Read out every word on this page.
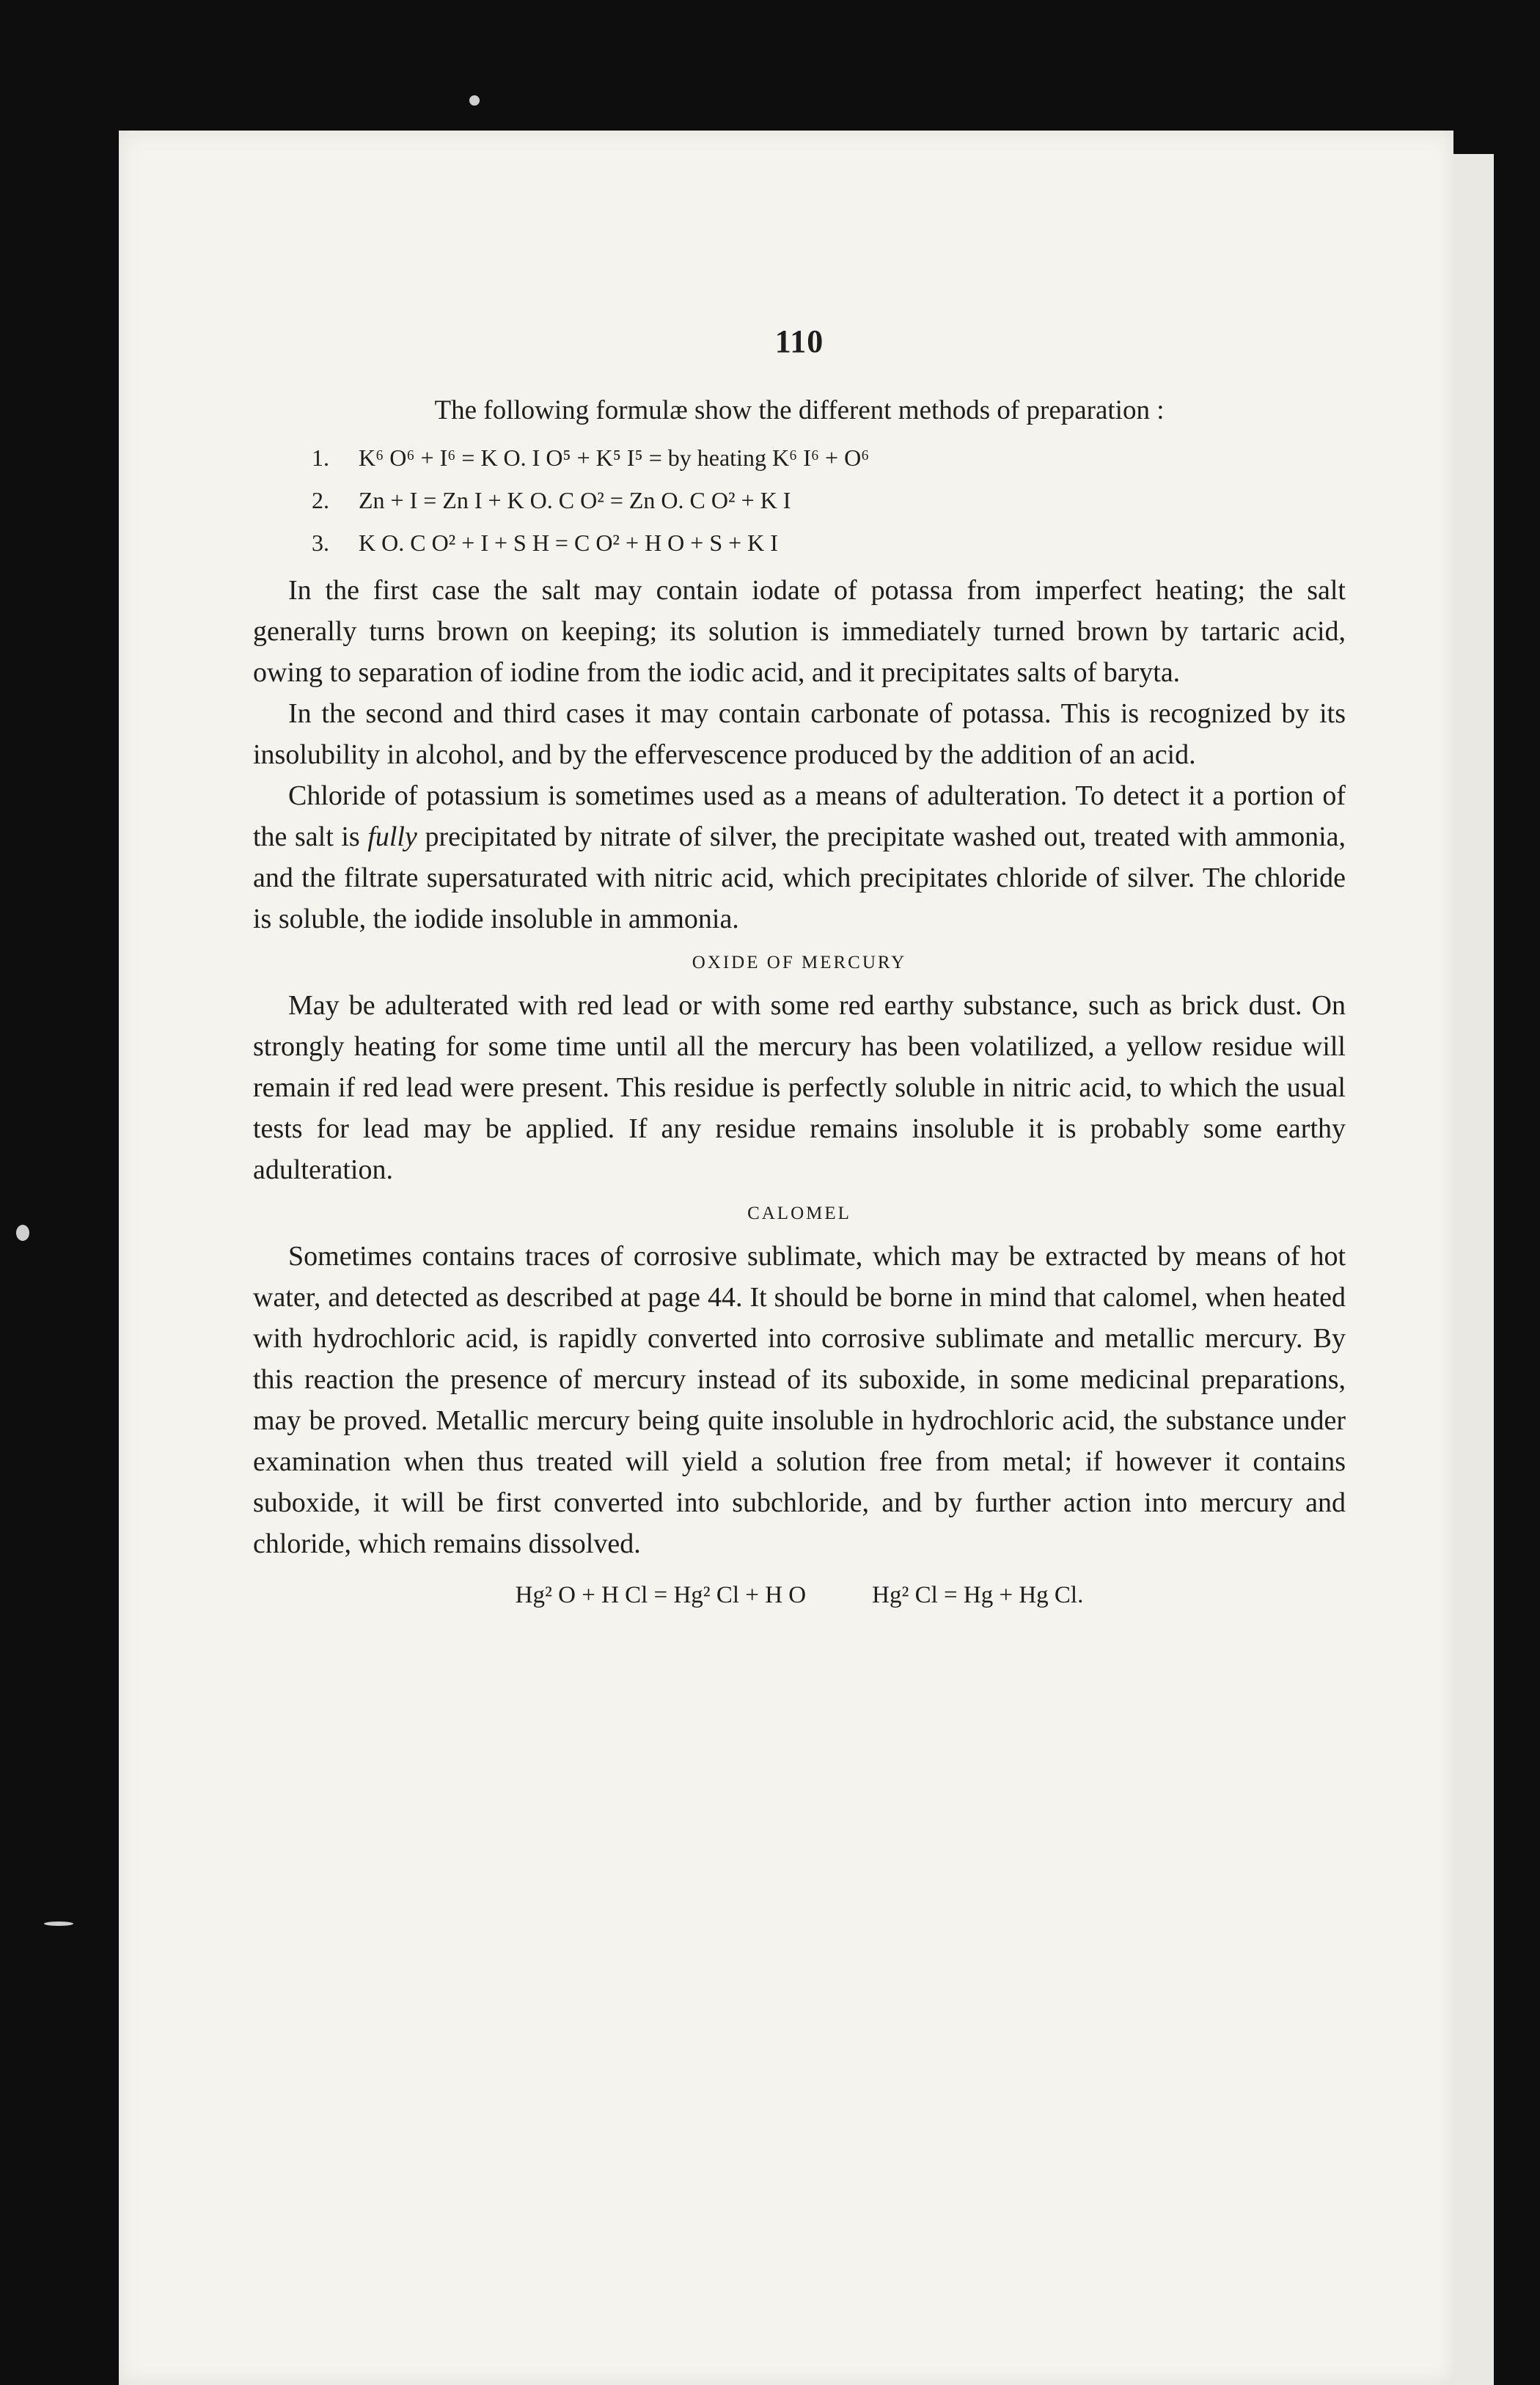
110

The following formulæ show the different methods of preparation :

1.	K⁶ O⁶ + I⁶ = K O. I O⁵ + K⁵ I⁵ = by heating K⁶ I⁶ + O⁶
2.	Zn + I = Zn I + K O. C O² = Zn O. C O² + K I
3.	K O. C O² + I + S H = C O² + H O + S + K I

In the first case the salt may contain iodate of potassa from imperfect heating; the salt generally turns brown on keeping; its solution is immediately turned brown by tartaric acid, owing to separation of iodine from the iodic acid, and it precipitates salts of baryta.

In the second and third cases it may contain carbonate of potassa. This is recognized by its insolubility in alcohol, and by the effervescence produced by the addition of an acid.

Chloride of potassium is sometimes used as a means of adulteration. To detect it a portion of the salt is fully precipitated by nitrate of silver, the precipitate washed out, treated with ammonia, and the filtrate supersaturated with nitric acid, which precipitates chloride of silver. The chloride is soluble, the iodide insoluble in ammonia.

OXIDE OF MERCURY

May be adulterated with red lead or with some red earthy substance, such as brick dust. On strongly heating for some time until all the mercury has been volatilized, a yellow residue will remain if red lead were present. This residue is perfectly soluble in nitric acid, to which the usual tests for lead may be applied. If any residue remains insoluble it is probably some earthy adulteration.

CALOMEL

Sometimes contains traces of corrosive sublimate, which may be extracted by means of hot water, and detected as described at page 44. It should be borne in mind that calomel, when heated with hydrochloric acid, is rapidly converted into corrosive sublimate and metallic mercury. By this reaction the presence of mercury instead of its suboxide, in some medicinal preparations, may be proved. Metallic mercury being quite insoluble in hydrochloric acid, the substance under examination when thus treated will yield a solution free from metal; if however it contains suboxide, it will be first converted into subchloride, and by further action into mercury and chloride, which remains dissolved.

Hg² O + H Cl = Hg² Cl + H O	Hg² Cl = Hg + Hg Cl.
